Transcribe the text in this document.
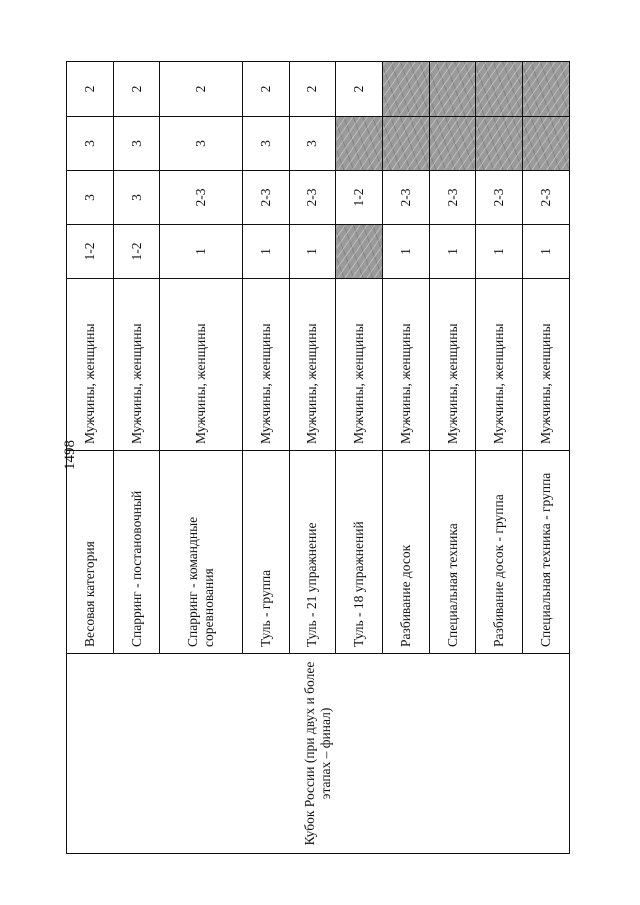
1498
Кубок России (при двух и более этапах – финал)	Весовая категория	Мужчины, женщины	1-2	3	3	2
	Спарринг - постановочный	Мужчины, женщины	1-2	3	3	2
	Спарринг - командные соревнования	Мужчины, женщины	1	2-3	3	2
	Туль - группа	Мужчины, женщины	1	2-3	3	2
	Туль - 21 упражнение	Мужчины, женщины	1	2-3	3	2
	Туль - 18 упражнений	Мужчины, женщины		1-2		2
	Разбивание досок	Мужчины, женщины	1	2-3		
	Специальная техника	Мужчины, женщины	1	2-3		
	Разбивание досок - группа	Мужчины, женщины	1	2-3		
	Специальная техника - группа	Мужчины, женщины	1	2-3		
